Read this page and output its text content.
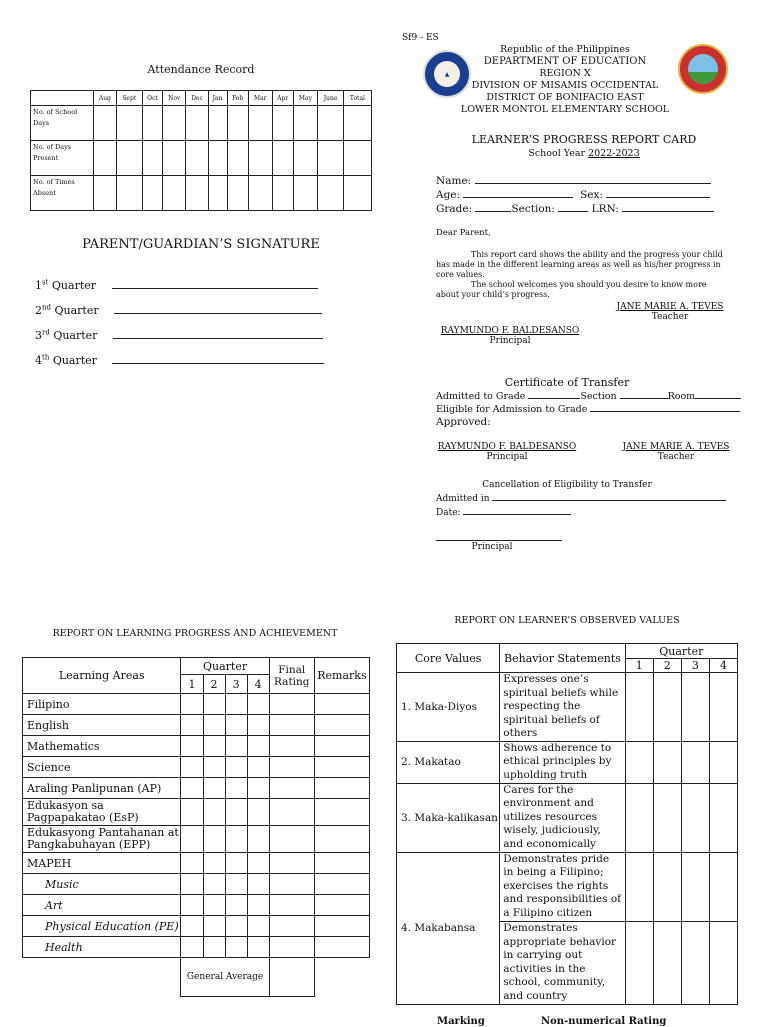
Attendance Record
	Aug	Sept	Oct	Nov	Dec	Jan	Feb	Mar	Apr	May	June	Total
No. of School Days												
No. of Days Present												
No. of Times Absent												
PARENT/GUARDIAN’S SIGNATURE
1st Quarter
2nd Quarter
3rd Quarter
4th Quarter
Sf9 - ES
▲
Republic of the Philippines
DEPARTMENT OF EDUCATION
REGION X
DIVISION OF MISAMIS OCCIDENTAL
DISTRICT OF BONIFACIO EAST
LOWER MONTOL ELEMENTARY SCHOOL
LEARNER’S PROGRESS REPORT CARD
School Year 2022-2023
Name:
Age:	Sex:
Grade:	Section:	LRN:
Dear Parent,
This report card shows the ability and the progress your child has made in the different learning areas as well as his/her progress in core values.
The school welcomes you should you desire to know more about your child’s progress.
JANE MARIE A. TEVES
Teacher
RAYMUNDO F. BALDESANSO
Principal
Certificate of Transfer
Admitted to Grade	Section	Room
Eligible for Admission to Grade
Approved:
RAYMUNDO F. BALDESANSO
Principal
JANE MARIE A. TEVES
Teacher
Cancellation of Eligibility to Transfer
Admitted in
Date:
Principal
REPORT ON LEARNING PROGRESS AND ACHIEVEMENT
Learning Areas	Quarter				Final Rating	Remarks
	1	2	3	4		
Filipino						
English						
Mathematics						
Science						
Araling Panlipunan (AP)						
Edukasyon sa Pagpapakatao (EsP)						
Edukasyong Pantahanan at Pangkabuhayan (EPP)						
MAPEH						
Music						
Art						
Physical Education (PE)						
Health						
	General Average					
REPORT ON LEARNER’S OBSERVED VALUES
Core Values	Behavior Statements	Quarter			
		1	2	3	4
1. Maka-Diyos	Expresses one’s spiritual beliefs while respecting the spiritual beliefs of others				
2. Makatao	Shows adherence to ethical principles by upholding truth				
3. Maka-kalikasan	Cares for the environment and utilizes resources wisely, judiciously, and economically				
4. Makabansa	Demonstrates pride in being a Filipino; exercises the rights and responsibilities of a Filipino citizen				
	Demonstrates appropriate behavior in carrying out activities in the school, community, and country				
Marking	Non-numerical Rating
